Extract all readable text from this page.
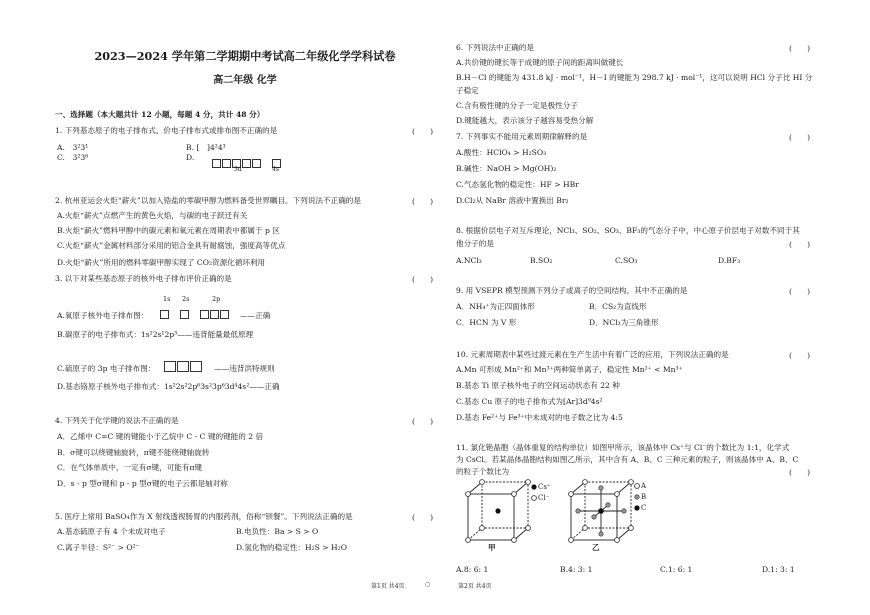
2023—2024 学年第二学期期中考试高二年级化学学科试卷
高二年级 化学
一、选择题（本大题共计 12 小题，每题 4 分，共计 48 分）
1. 下列基态原子的电子排布式、价电子排布式或排布图不正确的是	(　　)
A.　3²3¹
C.　3²3⁶
B. [　]4²4³
D.

3d	4s
2. 杭州亚运会火炬“薪火”以加入锆盐的零碳甲醇为燃料备受世界瞩目。下列说法不正确的是	(　　)
A.火炬“薪火”点燃产生的黄色火焰，与碳的电子跃迁有关
B.火炬“薪火”燃料甲醇中的碳元素和氧元素在周期表中都属于 p 区
C.火炬“薪火”金属材料部分采用的铝合金具有耐腐蚀，强度高等优点
D.火炬“薪火”所用的燃料零碳甲醇实现了 CO₂资源化循环利用
3. 以下对某些基态原子的核外电子排布评价正确的是	(　　)
1s 2s	2p
A.氧原子核外电子排布图：	——正确
B.碳原子的电子排布式：1s²2s¹2p³——违背能量最低原理
C.硫原子的 3p 电子排布图：	——违背洪特规则
D.基态铬原子核外电子排布式：1s²2s²2p⁶3s²3p⁶3d⁴4s²——正确
4. 下列关于化学键的说法不正确的是	(　　)
A．乙烯中 C=C 键的键能小于乙烷中 C - C 键的键能的 2 倍
B．σ键可以绕键轴旋转，π键不能绕键轴旋转
C．在气体单质中，一定有σ键，可能有π键
D．s - p 型σ键和 p - p 型σ键的电子云都是轴对称
5. 医疗上常用 BaSO₄作为 X 射线透视肠胃的内服药剂，俗称“钡餐”。下列说法正确的是	(　　)
A.基态硫原子有 4 个未成对电子	B.电负性：Ba > S > O
C.离子半径：S²⁻ > O²⁻	D.氢化物的稳定性：H₂S > H₂O
6. 下列说法中正确的是	(　　)
A.共价键的键长等于成键的原子间的距离叫做键长
B.H－Cl 的键能为 431.8 kJ · mol⁻¹，H－I 的键能为 298.7 kJ · mol⁻¹，这可以说明 HCl 分子比 HI 分
子稳定
C.含有极性键的分子一定是极性分子
D.键能越大，表示该分子越容易受热分解
7. 下列事实不能用元素周期律解释的是	(　　)
A.酸性：HClO₄ > H₂SO₃
B.碱性：NaOH > Mg(OH)₂
C.气态氢化物的稳定性：HF > HBr
D.Cl₂从 NaBr 溶液中置换出 Br₂
8. 根据价层电子对互斥理论，NCl₃、SO₂、SO₃、BF₃的气态分子中，中心原子价层电子对数不同于其
他分子的是	(　　)
A.NCl₃	B.SO₂	C.SO₃	D.BF₃
9. 用 VSEPR 模型预测下列分子或离子的空间结构，其中不正确的是	(　　)
A．NH₄⁺为正四面体形	B．CS₂为直线形
C．HCN 为 V 形	D．NCl₃为三角锥形
10. 元素周期表中某些过渡元素在生产生活中有着广泛的应用，下列说法正确的是	(　　)
A.Mn 可形成 Mn²⁺和 Mn³⁺两种简单离子，稳定性 Mn²⁺ < Mn³⁺
B.基态 Ti 原子核外电子的空间运动状态有 22 种
C.基态 Cu 原子的电子排布式为[Ar]3d⁹4s²
D.基态 Fe²⁺与 Fe³⁺中未成对的电子数之比为 4:5
11. 氯化铯晶胞（晶体重复的结构单位）如图甲所示，该晶体中 Cs⁺与 Cl⁻的个数比为 1:1，化学式
为 CsCl。若某晶体晶胞结构如图乙所示，其中含有 A、B、C 三种元素的粒子，则该晶体中 A、B、C
的粒子个数比为	(　　)
Cs⁺
Cl⁻
甲
A
B
C
乙
A.8: 6: 1	B.4: 3: 1	C.1: 6: 1	D.1: 3: 1
第1页 共4页	○	第2页 共4页
